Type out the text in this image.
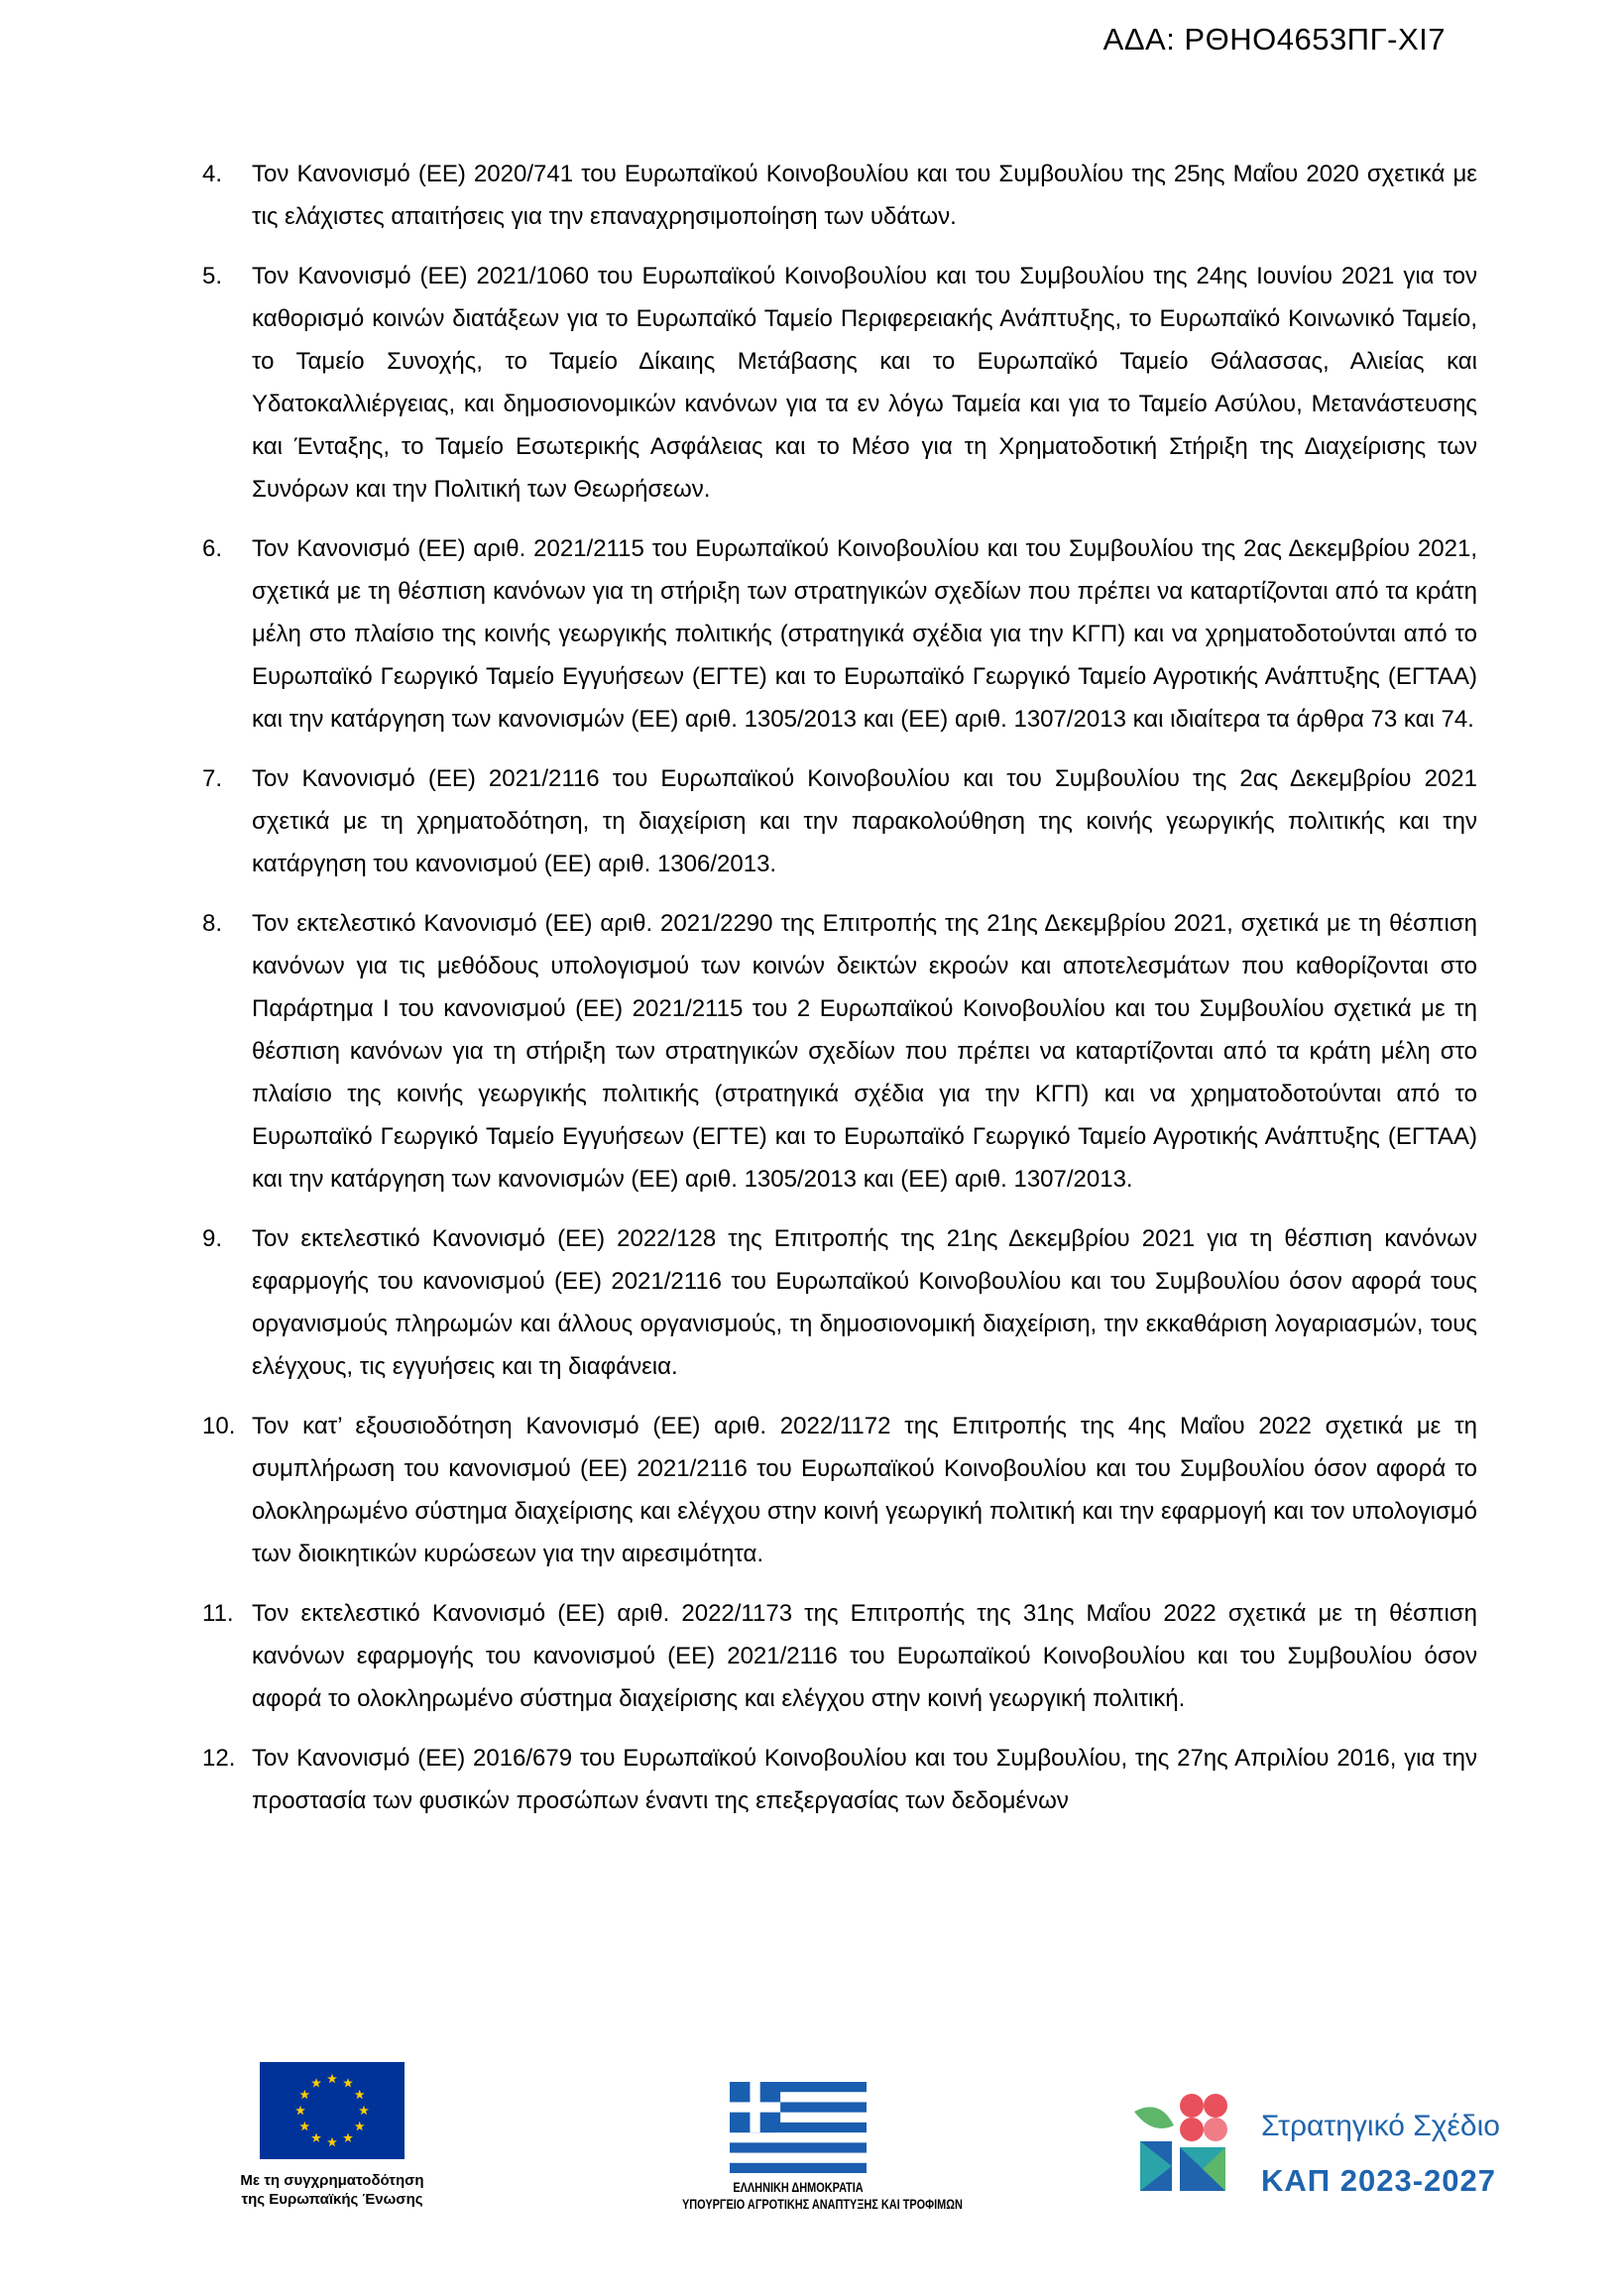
ΑΔΑ: ΡΘΗΟ4653ΠΓ-ΧΙ7
4. Τον Κανονισμό (ΕΕ) 2020/741 του Ευρωπαϊκού Κοινοβουλίου και του Συμβουλίου της 25ης Μαΐου 2020 σχετικά με τις ελάχιστες απαιτήσεις για την επαναχρησιμοποίηση των υδάτων.
5. Τον Κανονισμό (ΕΕ) 2021/1060 του Ευρωπαϊκού Κοινοβουλίου και του Συμβουλίου της 24ης Ιουνίου 2021 για τον καθορισμό κοινών διατάξεων για το Ευρωπαϊκό Ταμείο Περιφερειακής Ανάπτυξης, το Ευρωπαϊκό Κοινωνικό Ταμείο, το Ταμείο Συνοχής, το Ταμείο Δίκαιης Μετάβασης και το Ευρωπαϊκό Ταμείο Θάλασσας, Αλιείας και Υδατοκαλλιέργειας, και δημοσιονομικών κανόνων για τα εν λόγω Ταμεία και για το Ταμείο Ασύλου, Μετανάστευσης και Ένταξης, το Ταμείο Εσωτερικής Ασφάλειας και το Μέσο για τη Χρηματοδοτική Στήριξη της Διαχείρισης των Συνόρων και την Πολιτική των Θεωρήσεων.
6. Τον Κανονισμό (ΕΕ) αριθ. 2021/2115 του Ευρωπαϊκού Κοινοβουλίου και του Συμβουλίου της 2ας Δεκεμβρίου 2021, σχετικά με τη θέσπιση κανόνων για τη στήριξη των στρατηγικών σχεδίων που πρέπει να καταρτίζονται από τα κράτη μέλη στο πλαίσιο της κοινής γεωργικής πολιτικής (στρατηγικά σχέδια για την ΚΓΠ) και να χρηματοδοτούνται από το Ευρωπαϊκό Γεωργικό Ταμείο Εγγυήσεων (ΕΓΤΕ) και το Ευρωπαϊκό Γεωργικό Ταμείο Αγροτικής Ανάπτυξης (ΕΓΤΑΑ) και την κατάργηση των κανονισμών (ΕΕ) αριθ. 1305/2013 και (ΕΕ) αριθ. 1307/2013 και ιδιαίτερα τα άρθρα 73 και 74.
7. Τον Κανονισμό (ΕΕ) 2021/2116 του Ευρωπαϊκού Κοινοβουλίου και του Συμβουλίου της 2ας Δεκεμβρίου 2021 σχετικά με τη χρηματοδότηση, τη διαχείριση και την παρακολούθηση της κοινής γεωργικής πολιτικής και την κατάργηση του κανονισμού (ΕΕ) αριθ. 1306/2013.
8. Τον εκτελεστικό Κανονισμό (ΕΕ) αριθ. 2021/2290 της Επιτροπής της 21ης Δεκεμβρίου 2021, σχετικά με τη θέσπιση κανόνων για τις μεθόδους υπολογισμού των κοινών δεικτών εκροών και αποτελεσμάτων που καθορίζονται στο Παράρτημα Ι του κανονισμού (ΕΕ) 2021/2115 του 2 Ευρωπαϊκού Κοινοβουλίου και του Συμβουλίου σχετικά με τη θέσπιση κανόνων για τη στήριξη των στρατηγικών σχεδίων που πρέπει να καταρτίζονται από τα κράτη μέλη στο πλαίσιο της κοινής γεωργικής πολιτικής (στρατηγικά σχέδια για την ΚΓΠ) και να χρηματοδοτούνται από το Ευρωπαϊκό Γεωργικό Ταμείο Εγγυήσεων (ΕΓΤΕ) και το Ευρωπαϊκό Γεωργικό Ταμείο Αγροτικής Ανάπτυξης (ΕΓΤΑΑ) και την κατάργηση των κανονισμών (ΕΕ) αριθ. 1305/2013 και (ΕΕ) αριθ. 1307/2013.
9. Τον εκτελεστικό Κανονισμό (ΕΕ) 2022/128 της Επιτροπής της 21ης Δεκεμβρίου 2021 για τη θέσπιση κανόνων εφαρμογής του κανονισμού (ΕΕ) 2021/2116 του Ευρωπαϊκού Κοινοβουλίου και του Συμβουλίου όσον αφορά τους οργανισμούς πληρωμών και άλλους οργανισμούς, τη δημοσιονομική διαχείριση, την εκκαθάριση λογαριασμών, τους ελέγχους, τις εγγυήσεις και τη διαφάνεια.
10. Τον κατ’ εξουσιοδότηση Κανονισμό (ΕΕ) αριθ. 2022/1172 της Επιτροπής της 4ης Μαΐου 2022 σχετικά με τη συμπλήρωση του κανονισμού (ΕΕ) 2021/2116 του Ευρωπαϊκού Κοινοβουλίου και του Συμβουλίου όσον αφορά το ολοκληρωμένο σύστημα διαχείρισης και ελέγχου στην κοινή γεωργική πολιτική και την εφαρμογή και τον υπολογισμό των διοικητικών κυρώσεων για την αιρεσιμότητα.
11. Τον εκτελεστικό Κανονισμό (ΕΕ) αριθ. 2022/1173 της Επιτροπής της 31ης Μαΐου 2022 σχετικά με τη θέσπιση κανόνων εφαρμογής του κανονισμού (ΕΕ) 2021/2116 του Ευρωπαϊκού Κοινοβουλίου και του Συμβουλίου όσον αφορά το ολοκληρωμένο σύστημα διαχείρισης και ελέγχου στην κοινή γεωργική πολιτική.
12. Τον Κανονισμό (ΕΕ) 2016/679 του Ευρωπαϊκού Κοινοβουλίου και του Συμβουλίου, της 27ης Απριλίου 2016, για την προστασία των φυσικών προσώπων έναντι της επεξεργασίας των δεδομένων
Με τη συγχρηματοδότηση
της Ευρωπαϊκής Ένωσης
ΕΛΛΗΝΙΚΗ ΔΗΜΟΚΡΑΤΙΑ
ΥΠΟΥΡΓΕΙΟ ΑΓΡΟΤΙΚΗΣ ΑΝΑΠΤΥΞΗΣ ΚΑΙ ΤΡΟΦΙΜΩΝ
Στρατηγικό Σχέδιο
ΚΑΠ 2023-2027
